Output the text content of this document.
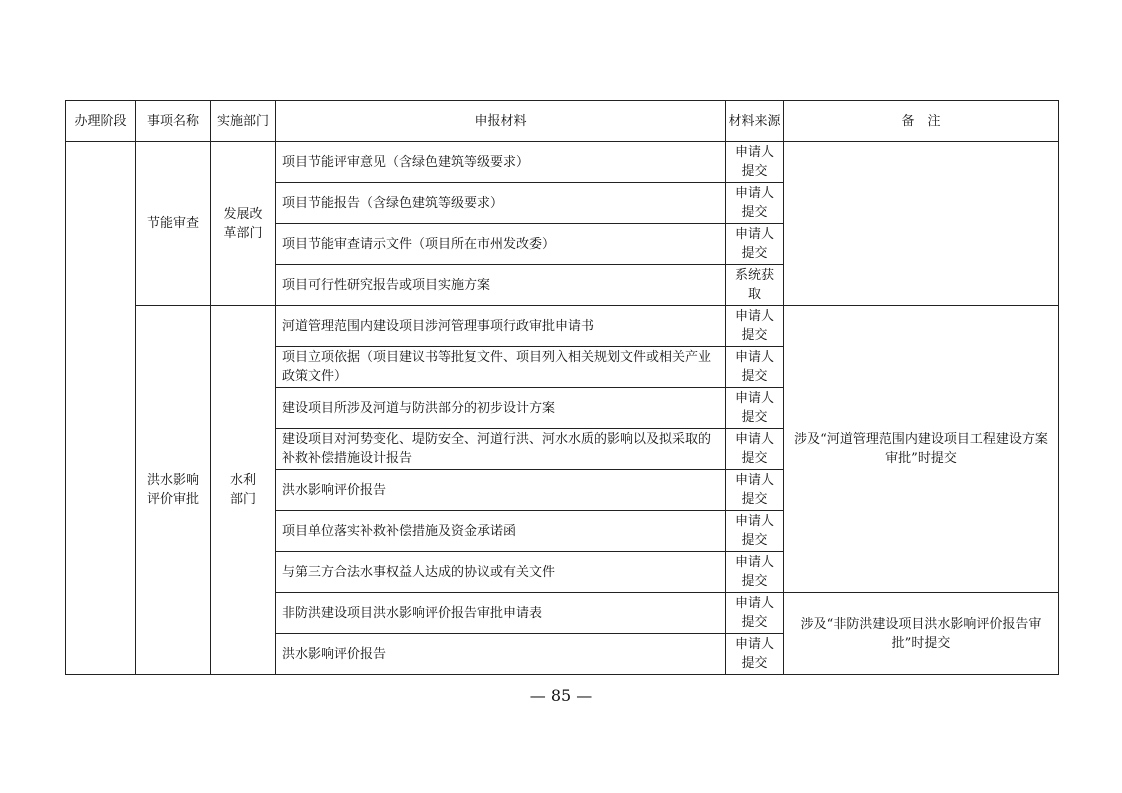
办理阶段	事项名称	实施部门	申报材料	材料来源	备　注
	节能审查	发展改革部门	项目节能评审意见（含绿色建筑等级要求）	申请人提交	
			项目节能报告（含绿色建筑等级要求）	申请人提交	
			项目节能审查请示文件（项目所在市州发改委）	申请人提交	
			项目可行性研究报告或项目实施方案	系统获取	
	洪水影响评价审批	水利部门	河道管理范围内建设项目涉河管理事项行政审批申请书	申请人提交	涉及“河道管理范围内建设项目工程建设方案审批”时提交
			项目立项依据（项目建议书等批复文件、项目列入相关规划文件或相关产业政策文件）	申请人提交	
			建设项目所涉及河道与防洪部分的初步设计方案	申请人提交	
			建设项目对河势变化、堤防安全、河道行洪、河水水质的影响以及拟采取的补救补偿措施设计报告	申请人提交	
			洪水影响评价报告	申请人提交	
			项目单位落实补救补偿措施及资金承诺函	申请人提交	
			与第三方合法水事权益人达成的协议或有关文件	申请人提交	
			非防洪建设项目洪水影响评价报告审批申请表	申请人提交	涉及“非防洪建设项目洪水影响评价报告审批”时提交
			洪水影响评价报告	申请人提交	
— 85 —
